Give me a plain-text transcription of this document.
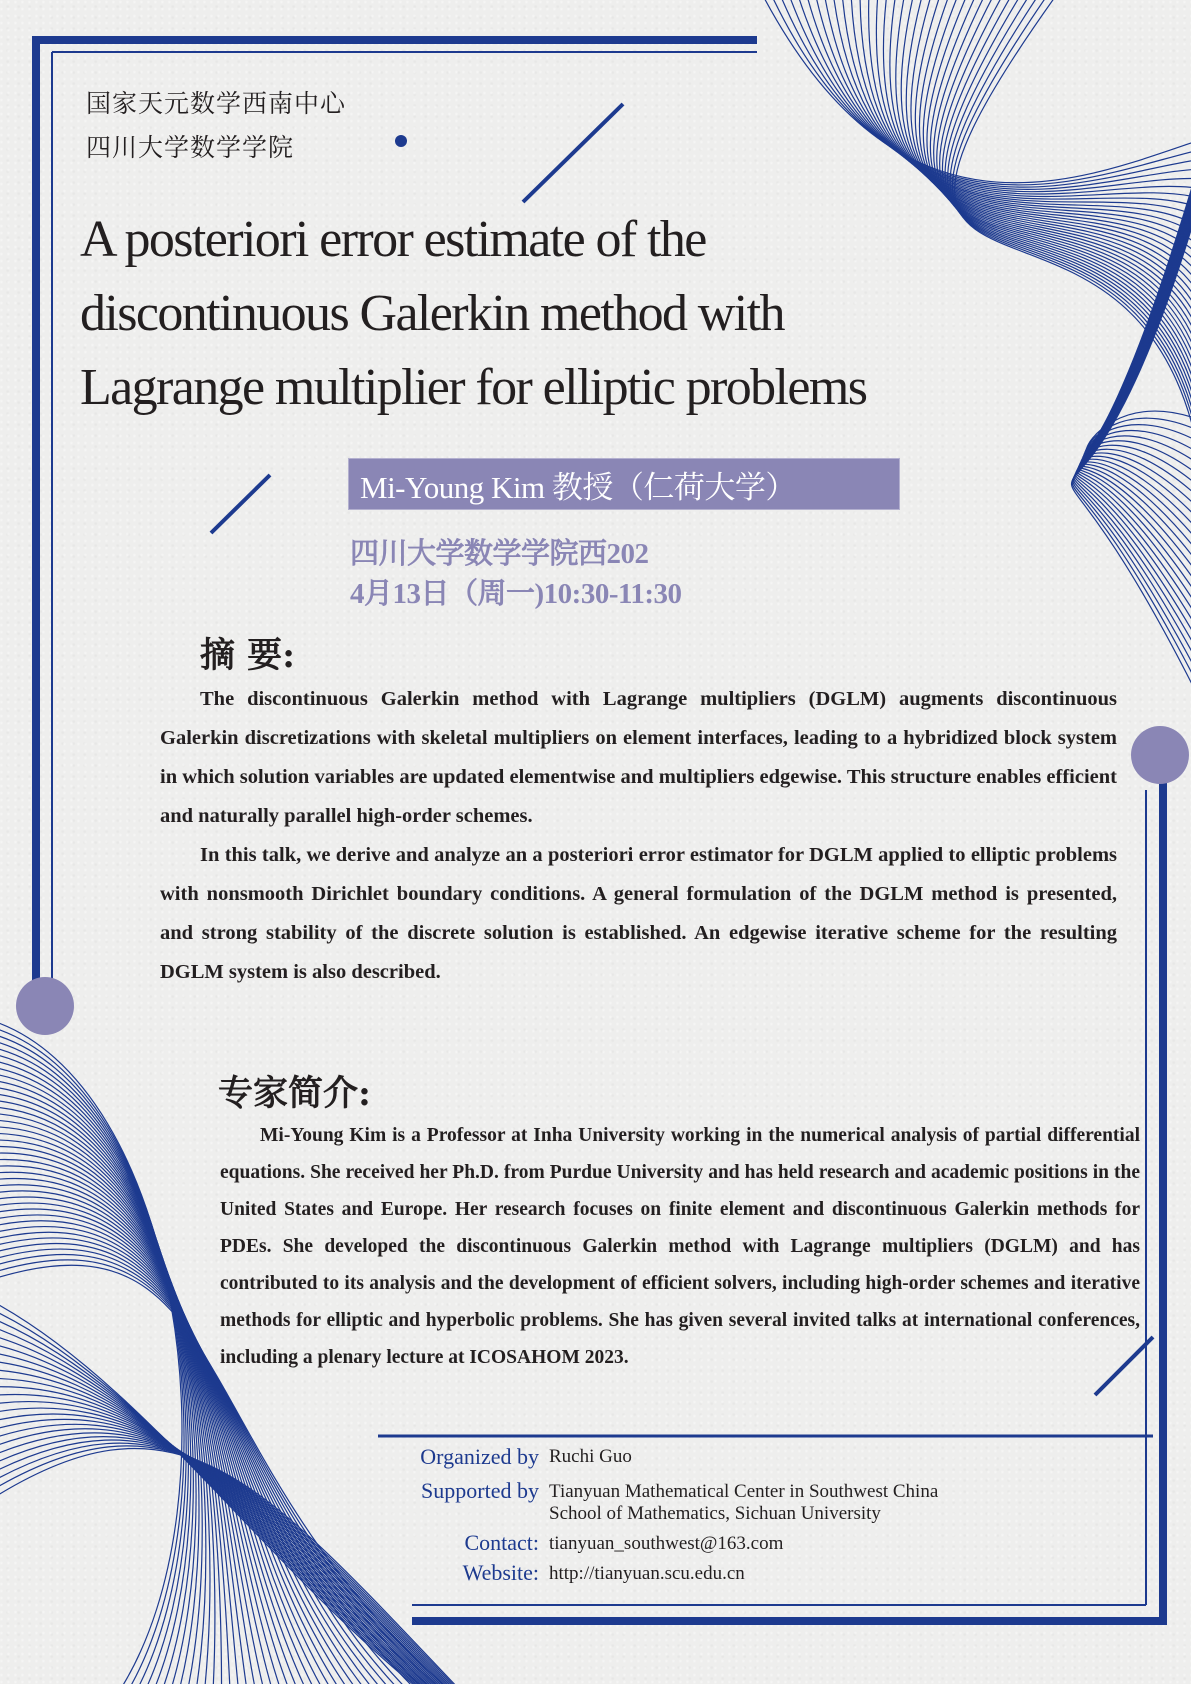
国家天元数学西南中心
四川大学数学学院
A posteriori error estimate of the
discontinuous Galerkin method with
Lagrange multiplier for elliptic problems
Mi-Young Kim 教授（仁荷大学）
四川大学数学学院西202
4月13日（周一)10:30-11:30
摘 要:

The discontinuous Galerkin method with Lagrange multipliers (DGLM) augments discontinuous Galerkin discretizations with skeletal multipliers on element interfaces, leading to a hybridized block system in which solution variables are updated elementwise and multipliers edgewise. This structure enables efficient and naturally parallel high-order schemes.

In this talk, we derive and analyze an a posteriori error estimator for DGLM applied to elliptic problems with nonsmooth Dirichlet boundary conditions. A general formulation of the DGLM method is presented, and strong stability of the discrete solution is established. An edgewise iterative scheme for the resulting DGLM system is also described.

专家简介:

Mi-Young Kim is a Professor at Inha University working in the numerical analysis of partial differential equations. She received her Ph.D. from Purdue University and has held research and academic positions in the United States and Europe. Her research focuses on finite element and discontinuous Galerkin methods for PDEs. She developed the discontinuous Galerkin method with Lagrange multipliers (DGLM) and has contributed to its analysis and the development of efficient solvers, including high-order schemes and iterative methods for elliptic and hyperbolic problems. She has given several invited talks at international conferences, including a plenary lecture at ICOSAHOM 2023.

Organized by Ruchi Guo
Supported by Tianyuan Mathematical Center in Southwest China
School of Mathematics, Sichuan University
Contact: tianyuan_southwest@163.com
Website: http://tianyuan.scu.edu.cn
